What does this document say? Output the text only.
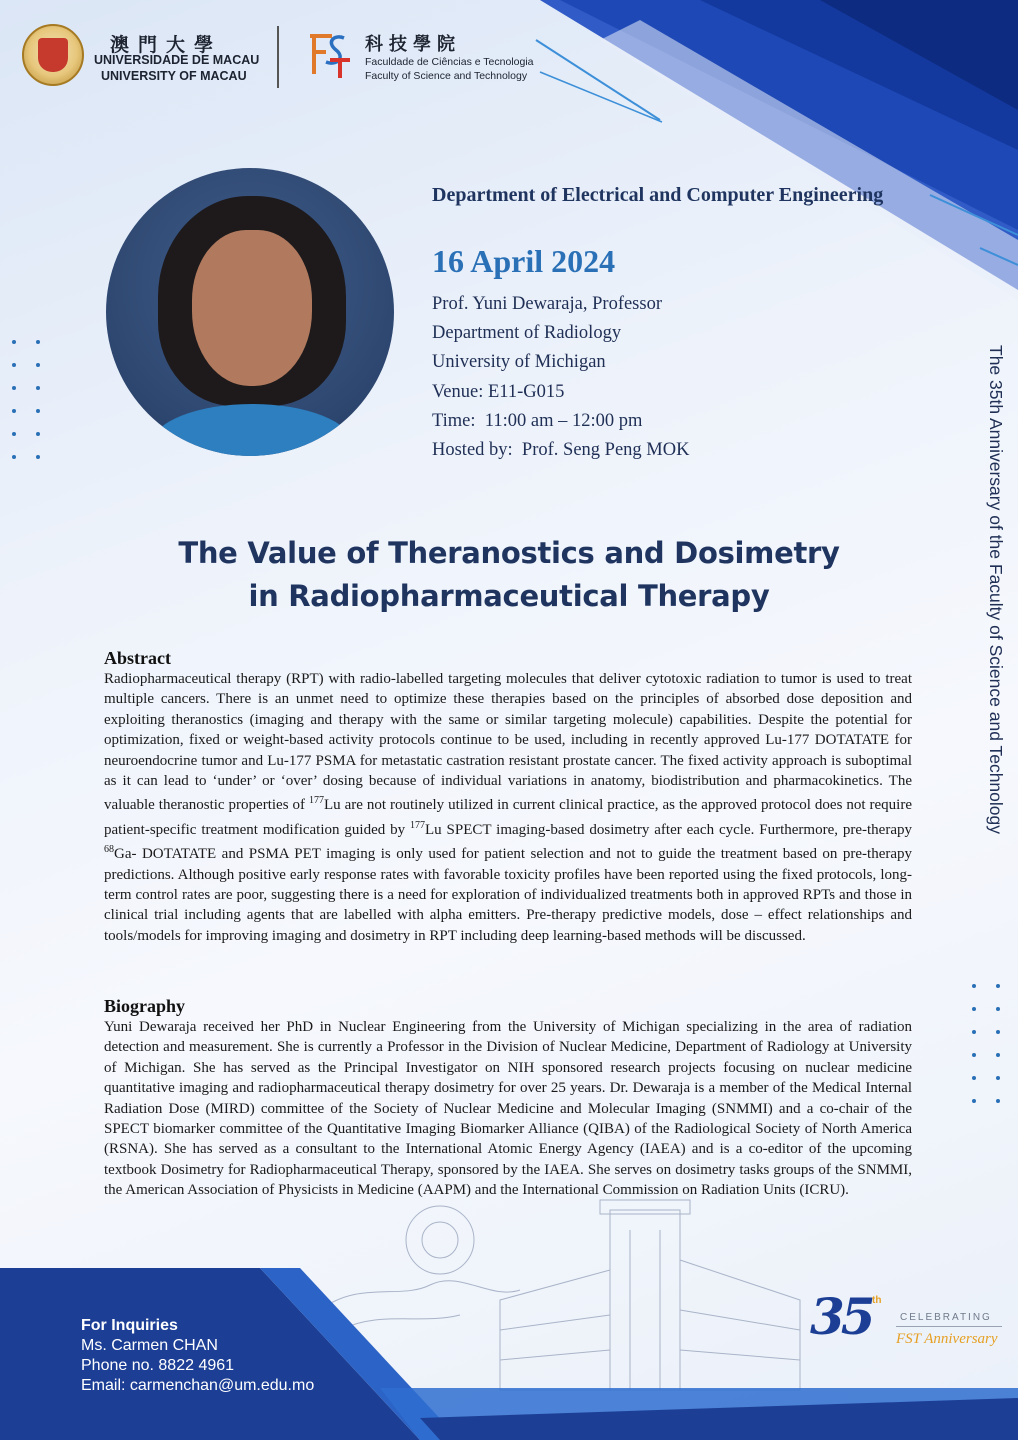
澳門大學
UNIVERSIDADE DE MACAU
UNIVERSITY OF MACAU
科技學院
Faculdade de Ciências e Tecnologia
Faculty of Science and Technology
Department of Electrical and Computer Engineering
16 April 2024
Prof. Yuni Dewaraja, Professor
Department of Radiology
University of Michigan
Venue: E11-G015
Time:  11:00 am – 12:00 pm
Hosted by:  Prof. Seng Peng MOK	The 35th Anniversary of the Faculty of Science and Technology
The Value of Theranostics and Dosimetry
in Radiopharmaceutical Therapy
Abstract
Radiopharmaceutical therapy (RPT) with radio-labelled targeting molecules that deliver cytotoxic radiation to tumor is used to treat multiple cancers. There is an unmet need to optimize these therapies based on the principles of absorbed dose deposition and exploiting theranostics (imaging and therapy with the same or similar targeting molecule) capabilities. Despite the potential for optimization, fixed or weight-based activity protocols continue to be used, including in recently approved Lu-177 DOTATATE for neuroendocrine tumor and Lu-177 PSMA for metastatic castration resistant prostate cancer. The fixed activity approach is suboptimal as it can lead to ‘under’ or ‘over’ dosing because of individual variations in anatomy, biodistribution and pharmacokinetics. The valuable theranostic properties of $^{177}$Lu are not routinely utilized in current clinical practice, as the approved protocol does not require patient-specific treatment modification guided by $^{177}$Lu SPECT imaging-based dosimetry after each cycle. Furthermore, pre-therapy $^{68}$Ga- DOTATATE and PSMA PET imaging is only used for patient selection and not to guide the treatment based on pre-therapy predictions. Although positive early response rates with favorable toxicity profiles have been reported using the fixed protocols, long-term control rates are poor, suggesting there is a need for exploration of individualized treatments both in approved RPTs and those in clinical trial including agents that are labelled with alpha emitters. Pre-therapy predictive models, dose – effect relationships and tools/models for improving imaging and dosimetry in RPT including deep learning-based methods will be discussed.
Biography
Yuni Dewaraja received her PhD in Nuclear Engineering from the University of Michigan specializing in the area of radiation detection and measurement. She is currently a Professor in the Division of Nuclear Medicine, Department of Radiology at University of Michigan. She has served as the Principal Investigator on NIH sponsored research projects focusing on nuclear medicine quantitative imaging and radiopharmaceutical therapy dosimetry for over 25 years. Dr. Dewaraja is a member of the Medical Internal Radiation Dose (MIRD) committee of the Society of Nuclear Medicine and Molecular Imaging (SNMMI) and a co-chair of the SPECT biomarker committee of the Quantitative Imaging Biomarker Alliance (QIBA) of the Radiological Society of North America (RSNA). She has served as a consultant to the International Atomic Energy Agency (IAEA) and is a co-editor of the upcoming textbook Dosimetry for Radiopharmaceutical Therapy, sponsored by the IAEA. She serves on dosimetry tasks groups of the SNMMI, the American Association of Physicists in Medicine (AAPM) and the International Commission on Radiation Units (ICRU).
For Inquiries
Ms. Carmen CHAN
Phone no. 8822 4961
Email: carmenchan@um.edu.mo
35 th
CELEBRATING
FST Anniversary
